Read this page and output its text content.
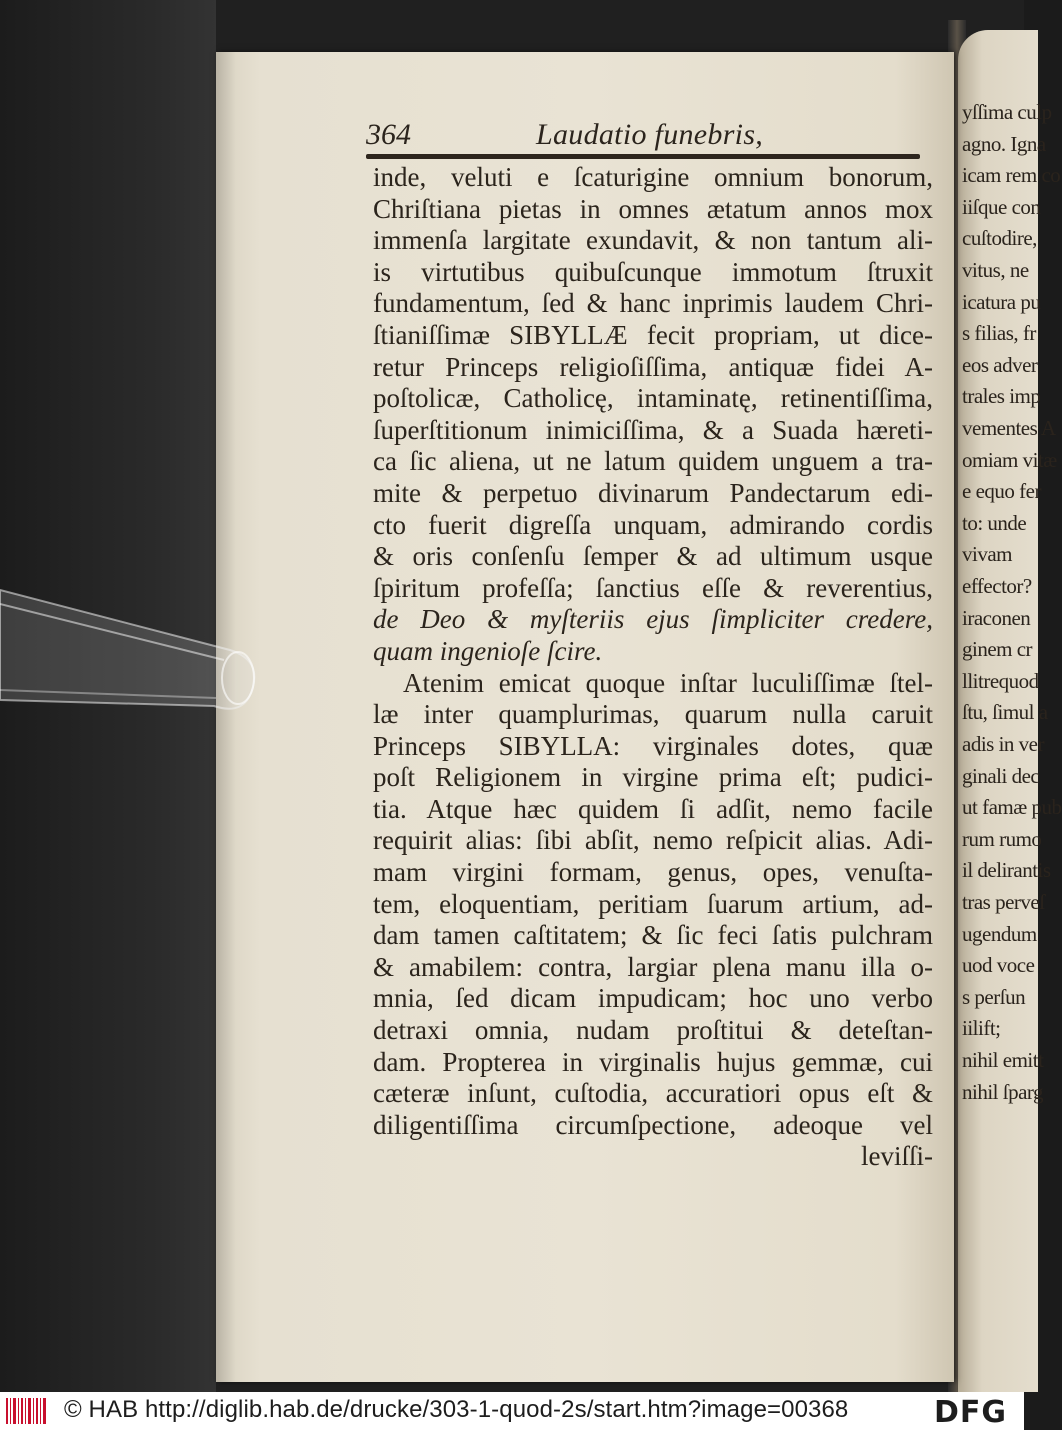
yſſima culp
agno. Igna
icam rem co
iiſque con
cuſtodire,
vitus, ne
icatura pu
s filias, fr
eos adver
trales imp
vementes A
omiam vitæ
e equo fer
to: unde
vivam
effector?
iraconen
ginem cr
llitrequod
ſtu, ſimul a
adis in ver
ginali dec
ut famæ pub
rum rumo
il delirantis
tras perveſ
ugendum
uod voce
s perſun
iilift;
nihil emitt
nihil ſparg
364	Laudatio funebris,
inde, veluti e ſcaturigine omnium bonorum,
Chriſtiana pietas in omnes ætatum annos mox
immenſa largitate exundavit, & non tantum ali-
is virtutibus quibuſcunque immotum ſtruxit
fundamentum, ſed & hanc inprimis laudem Chri-
ſtianiſſimæ SIBYLLÆ fecit propriam, ut dice-
retur Princeps religioſiſſima, antiquæ fidei A-
poſtolicæ, Catholicę, intaminatę, retinentiſſima,
ſuperſtitionum inimiciſſima, & a Suada hæreti-
ca ſic aliena, ut ne latum quidem unguem a tra-
mite & perpetuo divinarum Pandectarum edi-
cto fuerit digreſſa unquam, admirando cordis
& oris conſenſu ſemper & ad ultimum usque
ſpiritum profeſſa; ſanctius eſſe & reverentius,
de Deo & myſteriis ejus ſimpliciter credere,
quam ingenioſe ſcire.
Atenim emicat quoque inſtar luculiſſimæ ſtel-
læ inter quamplurimas, quarum nulla caruit
Princeps SIBYLLA: virginales dotes, quæ
poſt Religionem in virgine prima eſt; pudici-
tia. Atque hæc quidem ſi adſit, nemo facile
requirit alias: ſibi abſit, nemo reſpicit alias. Adi-
mam virgini formam, genus, opes, venuſta-
tem, eloquentiam, peritiam ſuarum artium, ad-
dam tamen caſtitatem; & ſic feci ſatis pulchram
& amabilem: contra, largiar plena manu illa o-
mnia, ſed dicam impudicam; hoc uno verbo
detraxi omnia, nudam proſtitui & deteſtan-
dam. Propterea in virginalis hujus gemmæ, cui
cæteræ inſunt, cuſtodia, accuratiori opus eſt &
diligentiſſima circumſpectione, adeoque vel
leviſſi-
© HAB http://diglib.hab.de/drucke/303-1-quod-2s/start.htm?image=00368	DFG
